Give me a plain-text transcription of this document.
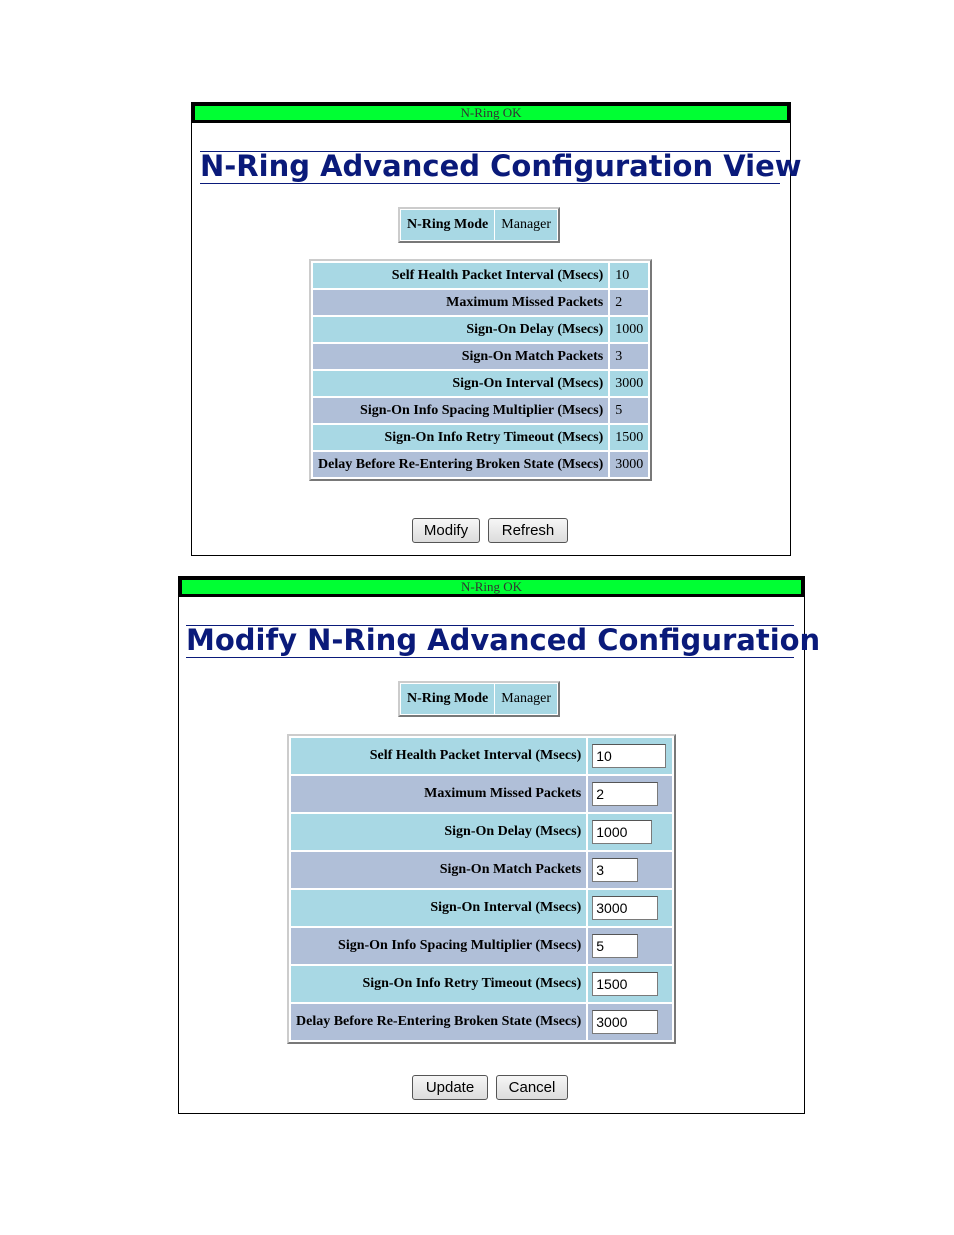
N-Ring OK
N-Ring Advanced Configuration View
N-Ring Mode	Manager
Self Health Packet Interval (Msecs)	10
Maximum Missed Packets	2
Sign-On Delay (Msecs)	1000
Sign-On Match Packets	3
Sign-On Interval (Msecs)	3000
Sign-On Info Spacing Multiplier (Msecs)	5
Sign-On Info Retry Timeout (Msecs)	1500
Delay Before Re-Entering Broken State (Msecs)	3000
Modify	Refresh
N-Ring OK
Modify N-Ring Advanced Configuration
N-Ring Mode	Manager
Self Health Packet Interval (Msecs)	10
Maximum Missed Packets	2
Sign-On Delay (Msecs)	1000
Sign-On Match Packets	3
Sign-On Interval (Msecs)	3000
Sign-On Info Spacing Multiplier (Msecs)	5
Sign-On Info Retry Timeout (Msecs)	1500
Delay Before Re-Entering Broken State (Msecs)	3000
Update	Cancel
